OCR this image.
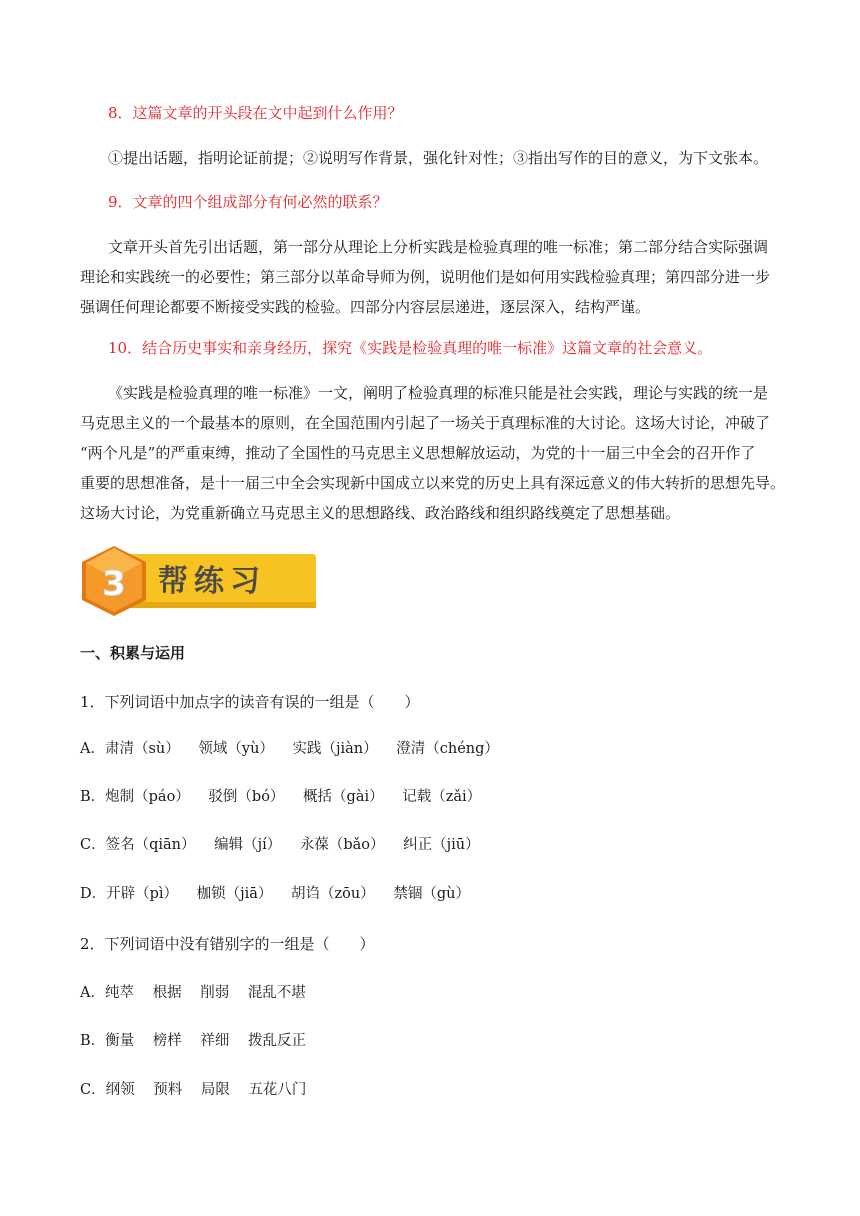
8．这篇文章的开头段在文中起到什么作用？
①提出话题，指明论证前提；②说明写作背景，强化针对性；③指出写作的目的意义，为下文张本。
9．文章的四个组成部分有何必然的联系？
文章开头首先引出话题，第一部分从理论上分析实践是检验真理的唯一标准；第二部分结合实际强调
理论和实践统一的必要性；第三部分以革命导师为例，说明他们是如何用实践检验真理；第四部分进一步
强调任何理论都要不断接受实践的检验。四部分内容层层递进，逐层深入，结构严谨。
10．结合历史事实和亲身经历，探究《实践是检验真理的唯一标准》这篇文章的社会意义。
《实践是检验真理的唯一标准》一文，阐明了检验真理的标准只能是社会实践，理论与实践的统一是
马克思主义的一个最基本的原则，在全国范围内引起了一场关于真理标准的大讨论。这场大讨论，冲破了
“两个凡是”的严重束缚，推动了全国性的马克思主义思想解放运动，为党的十一届三中全会的召开作了
重要的思想准备，是十一届三中全会实现新中国成立以来党的历史上具有深远意义的伟大转折的思想先导。
这场大讨论，为党重新确立马克思主义的思想路线、政治路线和组织路线奠定了思想基础。
3 帮练习
一、积累与运用
1．下列词语中加点字的读音有误的一组是（　　）
A．肃清（sù） 领域（yù） 实践（jiàn） 澄清（chéng）
B．炮制（páo） 驳倒（bó） 概括（gài） 记载（zǎi）
C．签名（qiān） 编辑（jí） 永葆（bǎo） 纠正（jiū）
D．开辟（pì） 枷锁（jiā） 胡诌（zōu） 禁锢（gù）
2．下列词语中没有错别字的一组是（　　）
A．纯萃 根据 削弱 混乱不堪
B．衡量 榜样 祥细 拨乱反正
C．纲领 预料 局限 五花八门
